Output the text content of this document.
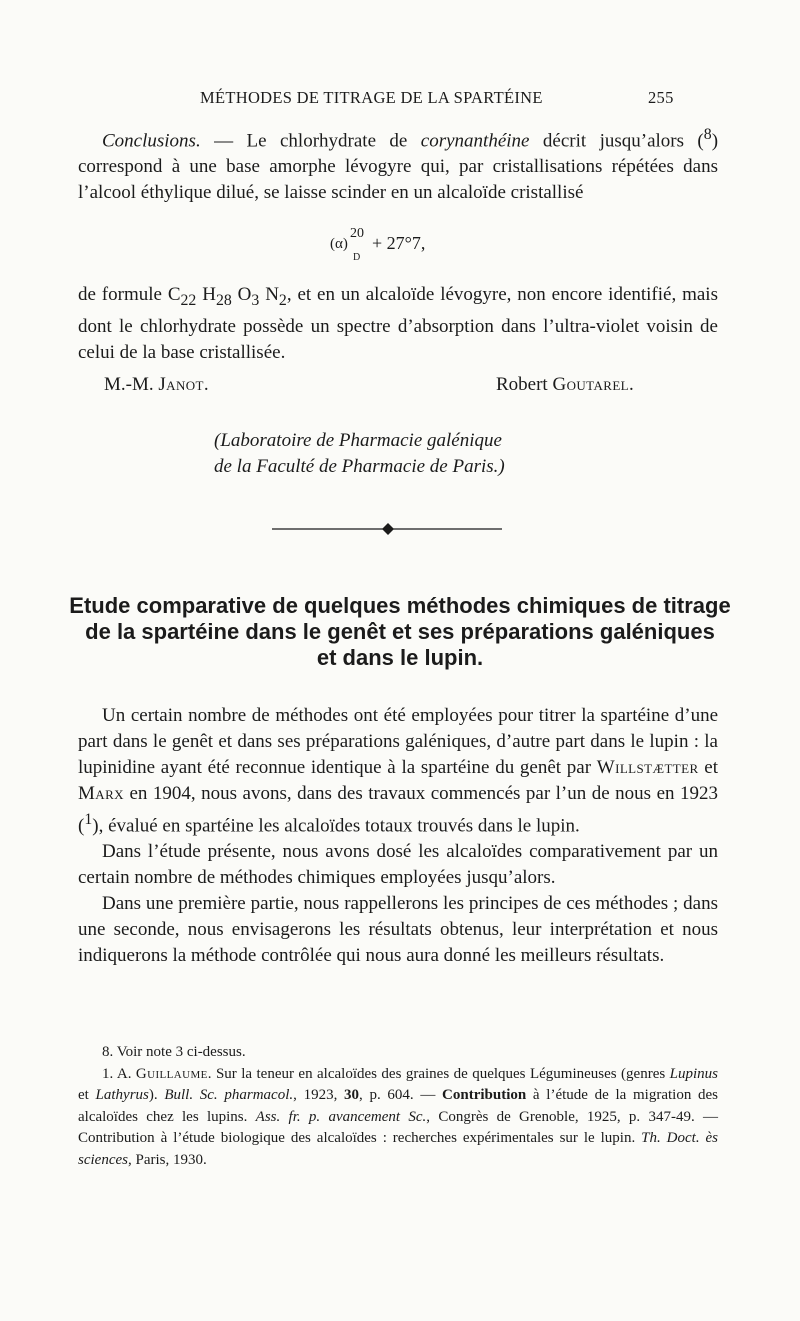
MÉTHODES DE TITRAGE DE LA SPARTÉINE	255

Conclusions. — Le chlorhydrate de corynanthéine décrit jusqu’alors ($^8$) correspond à une base amorphe lévogyre qui, par cristallisations répétées dans l’alcool éthylique dilué, se laisse scinder en un alcaloïde cristallisé

(α)
20
D
+ 27°7,

de formule $C_{22}$ $H_{28}$ $O_3$ $N_2$, et en un alcaloïde lévogyre, non encore identifié, mais dont le chlorhydrate possède un spectre d’absorption dans l’ultra-violet voisin de celui de la base cristallisée.

M.-M. Janot.	Robert Goutarel.
(Laboratoire de Pharmacie galénique
de la Faculté de Pharmacie de Paris.)
Etude comparative de quelques méthodes chimiques de titrage
de la spartéine dans le genêt et ses préparations galéniques
et dans le lupin.

Un certain nombre de méthodes ont été employées pour titrer la spartéine d’une part dans le genêt et dans ses préparations galéniques, d’autre part dans le lupin : la lupinidine ayant été reconnue identique à la spartéine du genêt par Willstætter et Marx en 1904, nous avons, dans des travaux commencés par l’un de nous en 1923 ($^1$), évalué en spartéine les alcaloïdes totaux trouvés dans le lupin.

Dans l’étude présente, nous avons dosé les alcaloïdes comparativement par un certain nombre de méthodes chimiques employées jusqu’alors.

Dans une première partie, nous rappellerons les principes de ces méthodes ; dans une seconde, nous envisagerons les résultats obtenus, leur interprétation et nous indiquerons la méthode contrôlée qui nous aura donné les meilleurs résultats.

8. Voir note 3 ci-dessus.

1. A. Guillaume. Sur la teneur en alcaloïdes des graines de quelques Légumineuses (genres Lupinus et Lathyrus). Bull. Sc. pharmacol., 1923, 30, p. 604. — Contribution à l’étude de la migration des alcaloïdes chez les lupins. Ass. fr. p. avancement Sc., Congrès de Grenoble, 1925, p. 347-49. — Contribution à l’étude biologique des alcaloïdes : recherches expérimentales sur le lupin. Th. Doct. ès sciences, Paris, 1930.
